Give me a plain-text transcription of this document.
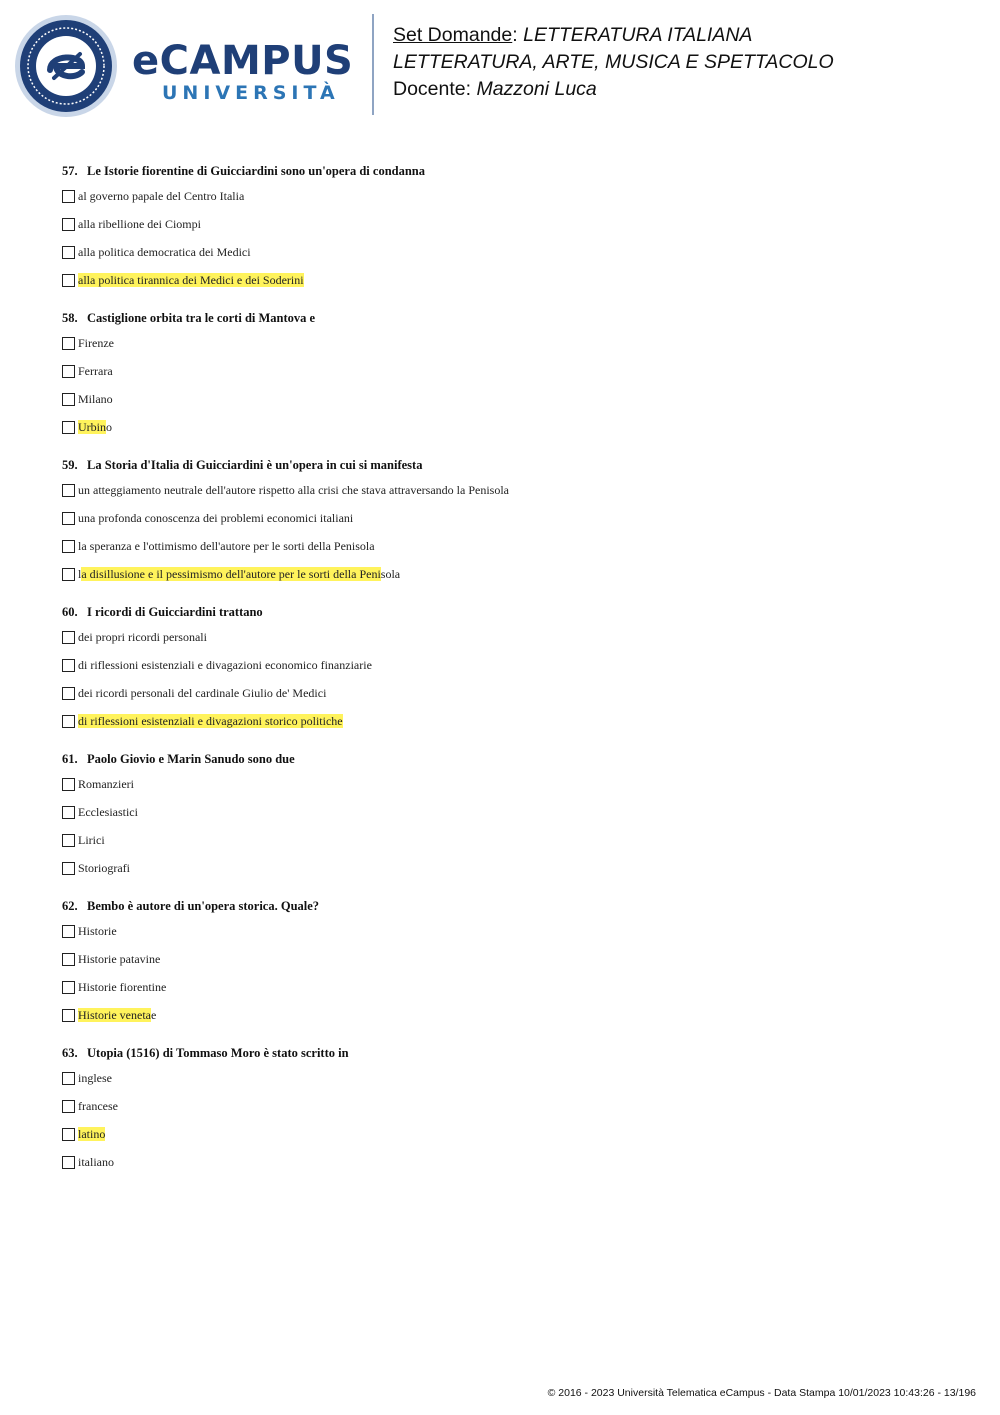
eCAMPUS
UNIVERSITÀ
Set Domande: LETTERATURA ITALIANA
LETTERATURA, ARTE, MUSICA E SPETTACOLO
Docente: Mazzoni Luca
57. Le Istorie fiorentine di Guicciardini sono un'opera di condanna
al governo papale del Centro Italia
alla ribellione dei Ciompi
alla politica democratica dei Medici
alla politica tirannica dei Medici e dei Soderini
58. Castiglione orbita tra le corti di Mantova e
Firenze
Ferrara
Milano
Urbino
59. La Storia d'Italia di Guicciardini è un'opera in cui si manifesta
un atteggiamento neutrale dell'autore rispetto alla crisi che stava attraversando la Penisola
una profonda conoscenza dei problemi economici italiani
la speranza e l'ottimismo dell'autore per le sorti della Penisola
la disillusione e il pessimismo dell'autore per le sorti della Penisola
60. I ricordi di Guicciardini trattano
dei propri ricordi personali
di riflessioni esistenziali e divagazioni economico finanziarie
dei ricordi personali del cardinale Giulio de' Medici
di riflessioni esistenziali e divagazioni storico politiche
61. Paolo Giovio e Marin Sanudo sono due
Romanzieri
Ecclesiastici
Lirici
Storiografi
62. Bembo è autore di un'opera storica. Quale?
Historie
Historie patavine
Historie fiorentine
Historie venetae
63. Utopia (1516) di Tommaso Moro è stato scritto in
inglese
francese
latino
italiano
© 2016 - 2023 Università Telematica eCampus - Data Stampa 10/01/2023 10:43:26 - 13/196
